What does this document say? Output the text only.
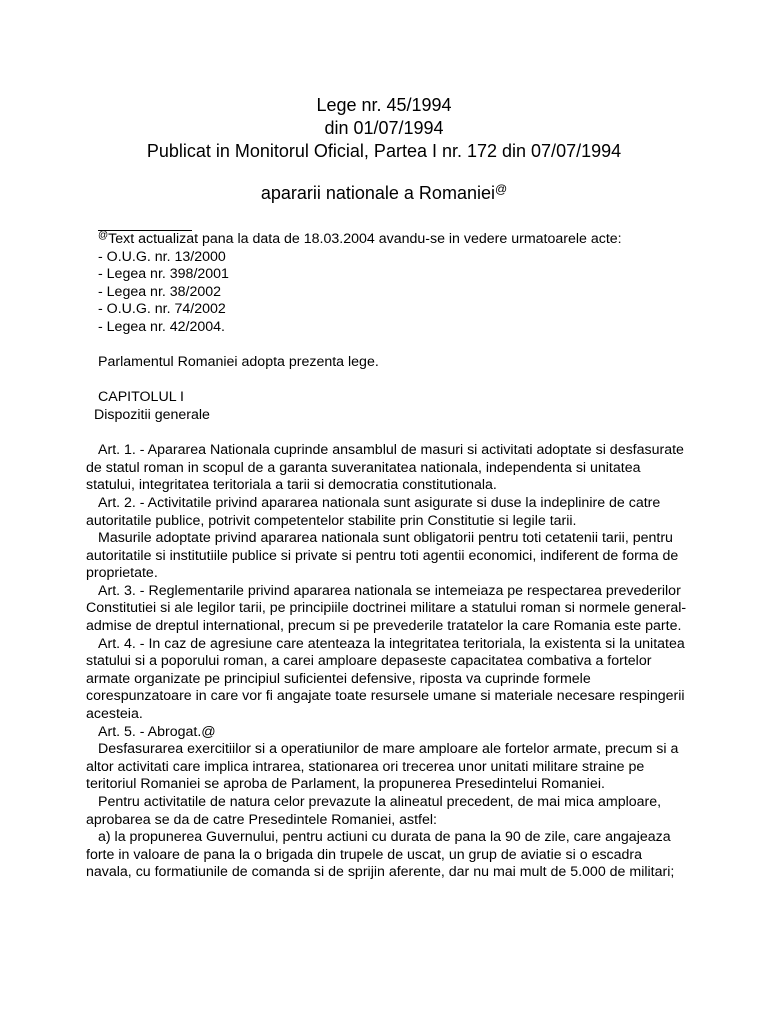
Lege nr. 45/1994
din 01/07/1994
Publicat in Monitorul Oficial, Partea I nr. 172 din 07/07/1994
apararii nationale a Romaniei@

@Text actualizat pana la data de 18.03.2004 avandu-se in vedere urmatoarele acte:

- O.U.G. nr. 13/2000

- Legea nr. 398/2001

- Legea nr. 38/2002

- O.U.G. nr. 74/2002

- Legea nr. 42/2004.

Parlamentul Romaniei adopta prezenta lege.

CAPITOLUL I

Dispozitii generale

Art. 1. - Apararea Nationala cuprinde ansamblul de masuri si activitati adoptate si desfasurate de statul roman in scopul de a garanta suveranitatea nationala, independenta si unitatea statului, integritatea teritoriala a tarii si democratia constitutionala.

Art. 2. - Activitatile privind apararea nationala sunt asigurate si duse la indeplinire de catre autoritatile publice, potrivit competentelor stabilite prin Constitutie si legile tarii.

Masurile adoptate privind apararea nationala sunt obligatorii pentru toti cetatenii tarii, pentru autoritatile si institutiile publice si private si pentru toti agentii economici, indiferent de forma de proprietate.

Art. 3. - Reglementarile privind apararea nationala se intemeiaza pe respectarea prevederilor Constitutiei si ale legilor tarii, pe principiile doctrinei militare a statului roman si normele general-admise de dreptul international, precum si pe prevederile tratatelor la care Romania este parte.

Art. 4. - In caz de agresiune care atenteaza la integritatea teritoriala, la existenta si la unitatea statului si a poporului roman, a carei amploare depaseste capacitatea combativa a fortelor armate organizate pe principiul suficientei defensive, riposta va cuprinde formele corespunzatoare in care vor fi angajate toate resursele umane si materiale necesare respingerii acesteia.

Art. 5. - Abrogat.@

Desfasurarea exercitiilor si a operatiunilor de mare amploare ale fortelor armate, precum si a altor activitati care implica intrarea, stationarea ori trecerea unor unitati militare straine pe teritoriul Romaniei se aproba de Parlament, la propunerea Presedintelui Romaniei.

Pentru activitatile de natura celor prevazute la alineatul precedent, de mai mica amploare, aprobarea se da de catre Presedintele Romaniei, astfel:

a) la propunerea Guvernului, pentru actiuni cu durata de pana la 90 de zile, care angajeaza forte in valoare de pana la o brigada din trupele de uscat, un grup de aviatie si o escadra navala, cu formatiunile de comanda si de sprijin aferente, dar nu mai mult de 5.000 de militari;
